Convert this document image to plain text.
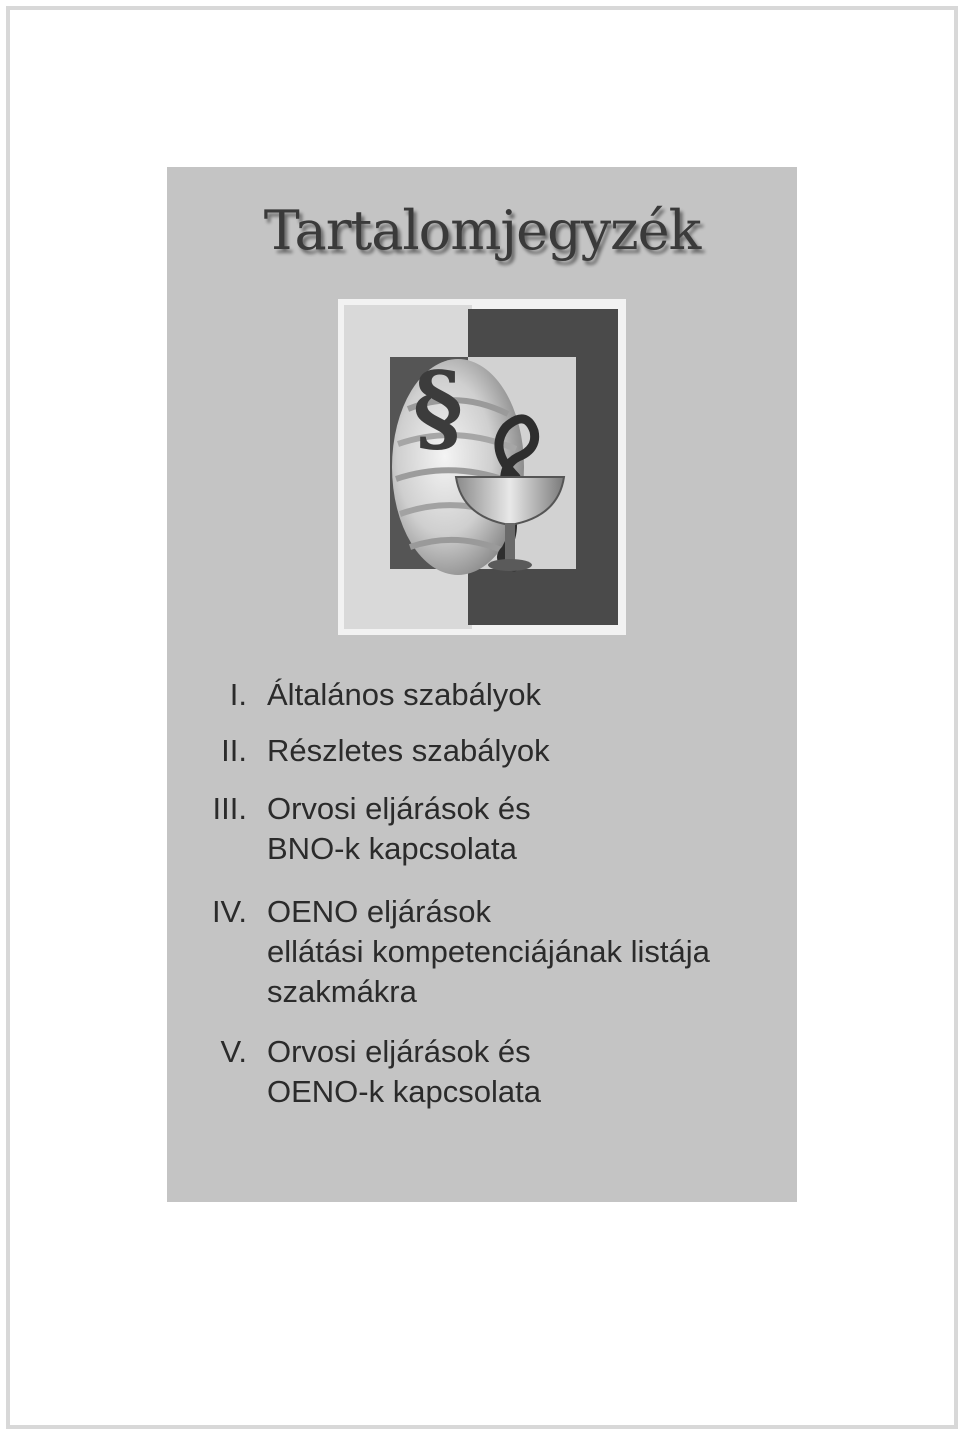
Tartalomjegyzék
§
I. Általános szabályok
II. Részletes szabályok
III. Orvosi eljárások és
BNO-k kapcsolata
IV. OENO eljárások
ellátási kompetenciájának listája
szakmákra
V. Orvosi eljárások és
OENO-k kapcsolata
